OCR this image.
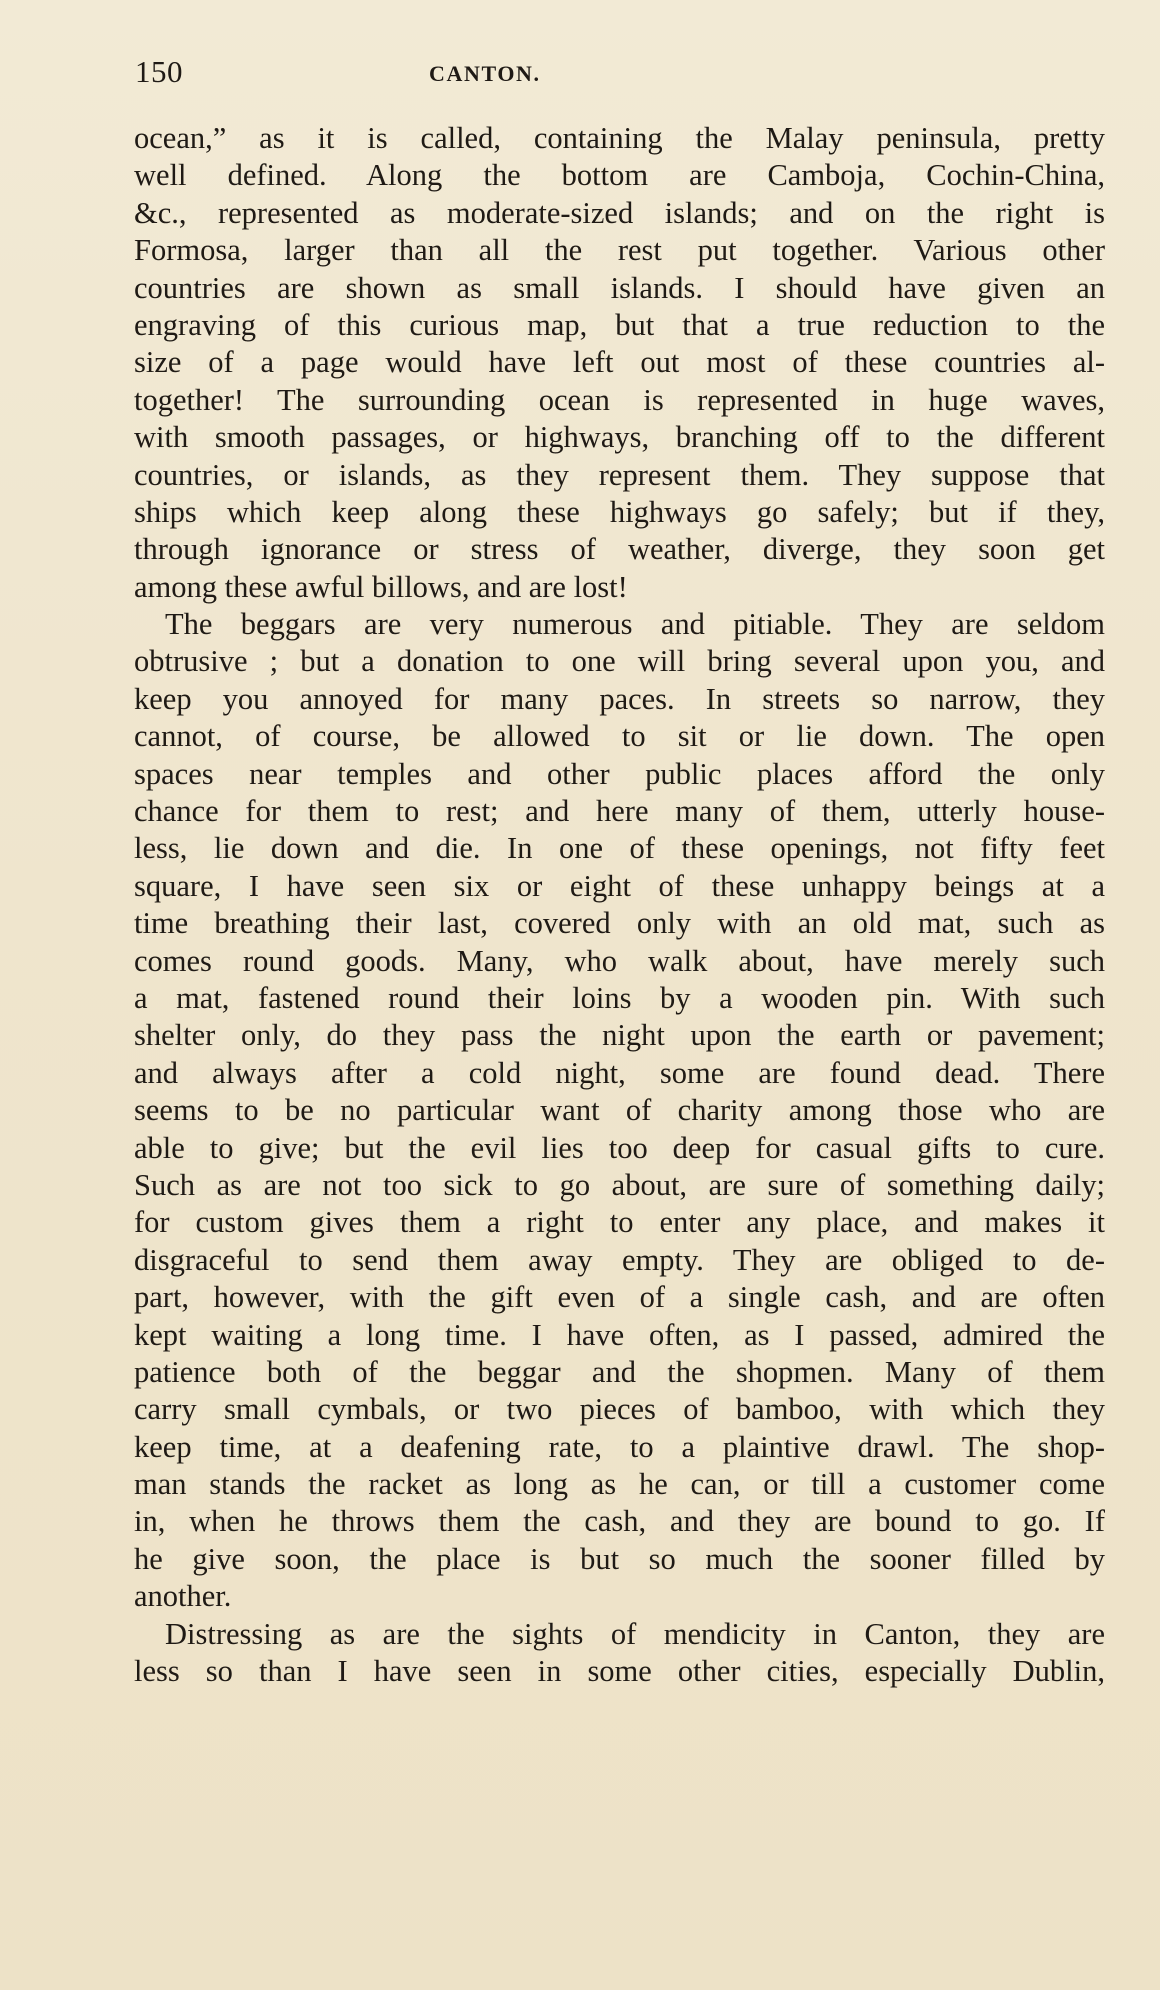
150	CANTON.
ocean,” as it is called, containing the Malay peninsula, pretty
well defined. Along the bottom are Camboja, Cochin-China,
&c., represented as moderate-sized islands; and on the right is
Formosa, larger than all the rest put together. Various other
countries are shown as small islands. I should have given an
engraving of this curious map, but that a true reduction to the
size of a page would have left out most of these countries al-
together! The surrounding ocean is represented in huge waves,
with smooth passages, or highways, branching off to the different
countries, or islands, as they represent them. They suppose that
ships which keep along these highways go safely; but if they,
through ignorance or stress of weather, diverge, they soon get
among these awful billows, and are lost!
The beggars are very numerous and pitiable. They are seldom
obtrusive ; but a donation to one will bring several upon you, and
keep you annoyed for many paces. In streets so narrow, they
cannot, of course, be allowed to sit or lie down. The open
spaces near temples and other public places afford the only
chance for them to rest; and here many of them, utterly house-
less, lie down and die. In one of these openings, not fifty feet
square, I have seen six or eight of these unhappy beings at a
time breathing their last, covered only with an old mat, such as
comes round goods. Many, who walk about, have merely such
a mat, fastened round their loins by a wooden pin. With such
shelter only, do they pass the night upon the earth or pavement;
and always after a cold night, some are found dead. There
seems to be no particular want of charity among those who are
able to give; but the evil lies too deep for casual gifts to cure.
Such as are not too sick to go about, are sure of something daily;
for custom gives them a right to enter any place, and makes it
disgraceful to send them away empty. They are obliged to de-
part, however, with the gift even of a single cash, and are often
kept waiting a long time. I have often, as I passed, admired the
patience both of the beggar and the shopmen. Many of them
carry small cymbals, or two pieces of bamboo, with which they
keep time, at a deafening rate, to a plaintive drawl. The shop-
man stands the racket as long as he can, or till a customer come
in, when he throws them the cash, and they are bound to go. If
he give soon, the place is but so much the sooner filled by
another.
Distressing as are the sights of mendicity in Canton, they are
less so than I have seen in some other cities, especially Dublin,
